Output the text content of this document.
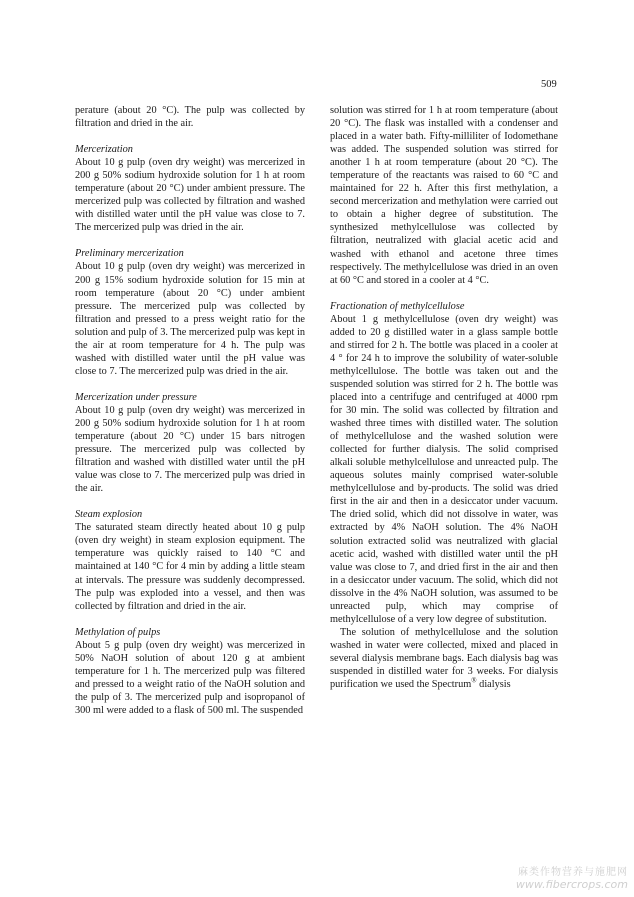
509

perature (about 20 °C). The pulp was collected by filtration and dried in the air.

Mercerization

About 10 g pulp (oven dry weight) was mercerized in 200 g 50% sodium hydroxide solution for 1 h at room temperature (about 20 °C) under ambient pressure. The mercerized pulp was collected by filtration and washed with distilled water until the pH value was close to 7. The mercerized pulp was dried in the air.

Preliminary mercerization

About 10 g pulp (oven dry weight) was mercerized in 200 g 15% sodium hydroxide solution for 15 min at room temperature (about 20 °C) under ambient pressure. The mercerized pulp was collected by filtration and pressed to a press weight ratio for the solution and pulp of 3. The mercerized pulp was kept in the air at room temperature for 4 h. The pulp was washed with distilled water until the pH value was close to 7. The mercerized pulp was dried in the air.

Mercerization under pressure

About 10 g pulp (oven dry weight) was mercerized in 200 g 50% sodium hydroxide solution for 1 h at room temperature (about 20 °C) under 15 bars nitrogen pressure. The mercerized pulp was collected by filtration and washed with distilled water until the pH value was close to 7. The mercerized pulp was dried in the air.

Steam explosion

The saturated steam directly heated about 10 g pulp (oven dry weight) in steam explosion equipment. The temperature was quickly raised to 140 °C and maintained at 140 °C for 4 min by adding a little steam at intervals. The pressure was suddenly decompressed. The pulp was exploded into a vessel, and then was collected by filtration and dried in the air.

Methylation of pulps

About 5 g pulp (oven dry weight) was mercerized in 50% NaOH solution of about 120 g at ambient temperature for 1 h. The mercerized pulp was filtered and pressed to a weight ratio of the NaOH solution and the pulp of 3. The mercerized pulp and isopropanol of 300 ml were added to a flask of 500 ml. The suspended

solution was stirred for 1 h at room temperature (about 20 °C). The flask was installed with a condenser and placed in a water bath. Fifty-milliliter of Iodomethane was added. The suspended solution was stirred for another 1 h at room temperature (about 20 °C). The temperature of the reactants was raised to 60 °C and maintained for 22 h. After this first methylation, a second mercerization and methylation were carried out to obtain a higher degree of substitution. The synthesized methylcellulose was collected by filtration, neutralized with glacial acetic acid and washed with ethanol and acetone three times respectively. The methylcellulose was dried in an oven at 60 °C and stored in a cooler at 4 °C.

Fractionation of methylcellulose

About 1 g methylcellulose (oven dry weight) was added to 20 g distilled water in a glass sample bottle and stirred for 2 h. The bottle was placed in a cooler at 4 ° for 24 h to improve the solubility of water-soluble methylcellulose. The bottle was taken out and the suspended solution was stirred for 2 h. The bottle was placed into a centrifuge and centrifuged at 4000 rpm for 30 min. The solid was collected by filtration and washed three times with distilled water. The solution of methylcellulose and the washed solution were collected for further dialysis. The solid comprised alkali soluble methylcellulose and unreacted pulp. The aqueous solutes mainly comprised water-soluble methylcellulose and by-products. The solid was dried first in the air and then in a desiccator under vacuum. The dried solid, which did not dissolve in water, was extracted by 4% NaOH solution. The 4% NaOH solution extracted solid was neutralized with glacial acetic acid, washed with distilled water until the pH value was close to 7, and dried first in the air and then in a desiccator under vacuum. The solid, which did not dissolve in the 4% NaOH solution, was assumed to be unreacted pulp, which may comprise of methylcellulose of a very low degree of substitution.

The solution of methylcellulose and the solution washed in water were collected, mixed and placed in several dialysis membrane bags. Each dialysis bag was suspended in distilled water for 3 weeks. For dialysis purification we used the Spectrum® dialysis

麻类作物营养与施肥网
www.fibercrops.com
